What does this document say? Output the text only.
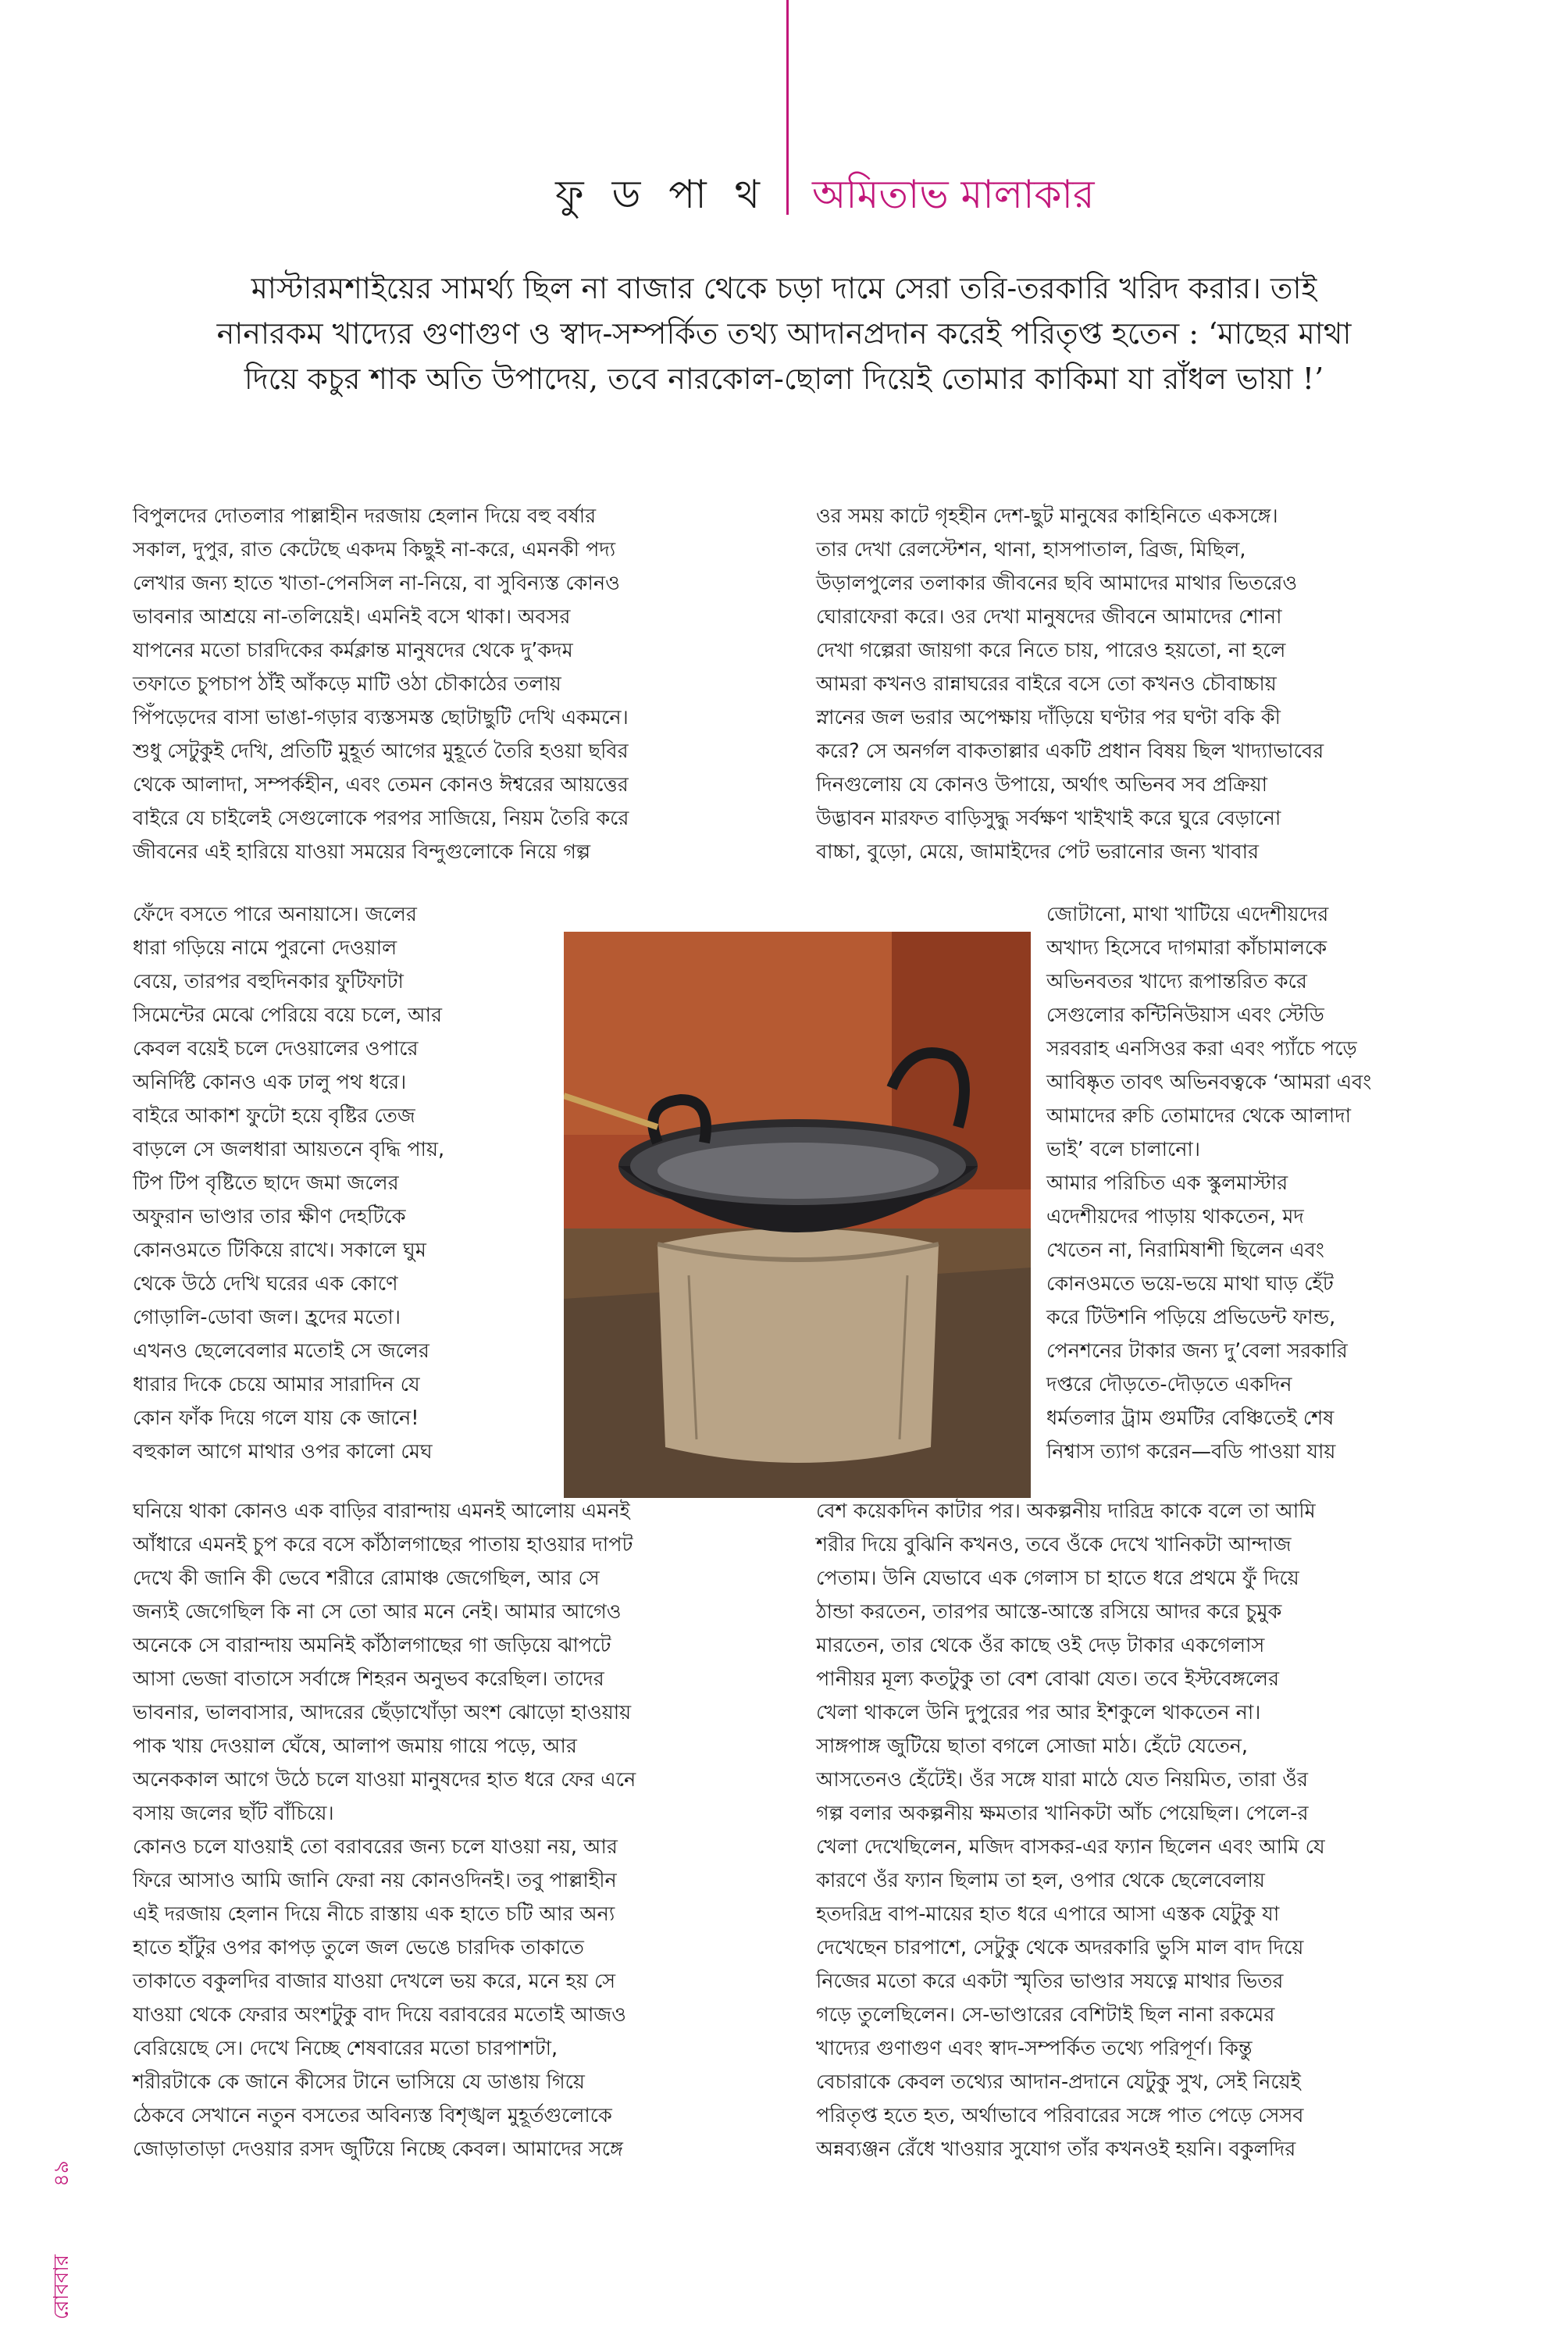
ফু ড পা থ অমিতাভ মালাকার

মাস্টারমশাইয়ের সামর্থ্য ছিল না বাজার থেকে চড়া দামে সেরা তরি-তরকারি খরিদ করার। তাই

নানারকম খাদ্যের গুণাগুণ ও স্বাদ-সম্পর্কিত তথ্য আদানপ্রদান করেই পরিতৃপ্ত হতেন : ‘মাছের মাথা

দিয়ে কচুর শাক অতি উপাদেয়, তবে নারকোল-ছোলা দিয়েই তোমার কাকিমা যা রাঁধল ভায়া !’

বিপুলদের দোতলার পাল্লাহীন দরজায় হেলান দিয়ে বহু বর্ষার

সকাল, দুপুর, রাত কেটেছে একদম কিছুই না-করে, এমনকী পদ্য

লেখার জন্য হাতে খাতা-পেনসিল না-নিয়ে, বা সুবিন্যস্ত কোনও

ভাবনার আশ্রয়ে না-তলিয়েই। এমনিই বসে থাকা। অবসর

যাপনের মতো চারদিকের কর্মক্লান্ত মানুষদের থেকে দু’কদম

তফাতে চুপচাপ ঠাঁই আঁকড়ে মাটি ওঠা চৌকাঠের তলায়

পিঁপড়েদের বাসা ভাঙা-গড়ার ব্যস্তসমস্ত ছোটাছুটি দেখি একমনে।

শুধু সেটুকুই দেখি, প্রতিটি মুহূর্ত আগের মুহূর্তে তৈরি হওয়া ছবির

থেকে আলাদা, সম্পর্কহীন, এবং তেমন কোনও ঈশ্বরের আয়ত্তের

বাইরে যে চাইলেই সেগুলোকে পরপর সাজিয়ে, নিয়ম তৈরি করে

জীবনের এই হারিয়ে যাওয়া সময়ের বিন্দুগুলোকে নিয়ে গল্প

ফেঁদে বসতে পারে অনায়াসে। জলের

ধারা গড়িয়ে নামে পুরনো দেওয়াল

বেয়ে, তারপর বহুদিনকার ফুটিফাটা

সিমেন্টের মেঝে পেরিয়ে বয়ে চলে, আর

কেবল বয়েই চলে দেওয়ালের ওপারে

অনির্দিষ্ট কোনও এক ঢালু পথ ধরে।

বাইরে আকাশ ফুটো হয়ে বৃষ্টির তেজ

বাড়লে সে জলধারা আয়তনে বৃদ্ধি পায়,

টিপ টিপ বৃষ্টিতে ছাদে জমা জলের

অফুরান ভাণ্ডার তার ক্ষীণ দেহটিকে

কোনওমতে টিকিয়ে রাখে। সকালে ঘুম

থেকে উঠে দেখি ঘরের এক কোণে

গোড়ালি-ডোবা জল। হ্রদের মতো।

এখনও ছেলেবেলার মতোই সে জলের

ধারার দিকে চেয়ে আমার সারাদিন যে

কোন ফাঁক দিয়ে গলে যায় কে জানে!

বহুকাল আগে মাথার ওপর কালো মেঘ

ঘনিয়ে থাকা কোনও এক বাড়ির বারান্দায় এমনই আলোয় এমনই

আঁধারে এমনই চুপ করে বসে কাঁঠালগাছের পাতায় হাওয়ার দাপট

দেখে কী জানি কী ভেবে শরীরে রোমাঞ্চ জেগেছিল, আর সে

জন্যই জেগেছিল কি না সে তো আর মনে নেই। আমার আগেও

অনেকে সে বারান্দায় অমনিই কাঁঠালগাছের গা জড়িয়ে ঝাপটে

আসা ভেজা বাতাসে সর্বাঙ্গে শিহরন অনুভব করেছিল। তাদের

ভাবনার, ভালবাসার, আদরের ছেঁড়াখোঁড়া অংশ ঝোড়ো হাওয়ায়

পাক খায় দেওয়াল ঘেঁষে, আলাপ জমায় গায়ে পড়ে, আর

অনেককাল আগে উঠে চলে যাওয়া মানুষদের হাত ধরে ফের এনে

বসায় জলের ছাঁট বাঁচিয়ে।

কোনও চলে যাওয়াই তো বরাবরের জন্য চলে যাওয়া নয়, আর

ফিরে আসাও আমি জানি ফেরা নয় কোনওদিনই। তবু পাল্লাহীন

এই দরজায় হেলান দিয়ে নীচে রাস্তায় এক হাতে চটি আর অন্য

হাতে হাঁটুর ওপর কাপড় তুলে জল ভেঙে চারদিক তাকাতে

তাকাতে বকুলদির বাজার যাওয়া দেখলে ভয় করে, মনে হয় সে

যাওয়া থেকে ফেরার অংশটুকু বাদ দিয়ে বরাবরের মতোই আজও

বেরিয়েছে সে। দেখে নিচ্ছে শেষবারের মতো চারপাশটা,

শরীরটাকে কে জানে কীসের টানে ভাসিয়ে যে ডাঙায় গিয়ে

ঠেকবে সেখানে নতুন বসতের অবিন্যস্ত বিশৃঙ্খল মুহূর্তগুলোকে

জোড়াতাড়া দেওয়ার রসদ জুটিয়ে নিচ্ছে কেবল। আমাদের সঙ্গে

ওর সময় কাটে গৃহহীন দেশ-ছুট মানুষের কাহিনিতে একসঙ্গে।

তার দেখা রেলস্টেশন, থানা, হাসপাতাল, ব্রিজ, মিছিল,

উড়ালপুলের তলাকার জীবনের ছবি আমাদের মাথার ভিতরেও

ঘোরাফেরা করে। ওর দেখা মানুষদের জীবনে আমাদের শোনা

দেখা গল্পেরা জায়গা করে নিতে চায়, পারেও হয়তো, না হলে

আমরা কখনও রান্নাঘরের বাইরে বসে তো কখনও চৌবাচ্চায়

স্নানের জল ভরার অপেক্ষায় দাঁড়িয়ে ঘণ্টার পর ঘণ্টা বকি কী

করে? সে অনর্গল বাকতাল্লার একটি প্রধান বিষয় ছিল খাদ্যাভাবের

দিনগুলোয় যে কোনও উপায়ে, অর্থাৎ অভিনব সব প্রক্রিয়া

উদ্ভাবন মারফত বাড়িসুদ্ধু সর্বক্ষণ খাইখাই করে ঘুরে বেড়ানো

বাচ্চা, বুড়ো, মেয়ে, জামাইদের পেট ভরানোর জন্য খাবার

জোটানো, মাথা খাটিয়ে এদেশীয়দের

অখাদ্য হিসেবে দাগমারা কাঁচামালকে

অভিনবতর খাদ্যে রূপান্তরিত করে

সেগুলোর কন্টিনিউয়াস এবং স্টেডি

সরবরাহ এনসিওর করা এবং প্যাঁচে পড়ে

আবিষ্কৃত তাবৎ অভিনবত্বকে ‘আমরা এবং

আমাদের রুচি তোমাদের থেকে আলাদা

ভাই’ বলে চালানো।

আমার পরিচিত এক স্কুলমাস্টার

এদেশীয়দের পাড়ায় থাকতেন, মদ

খেতেন না, নিরামিষাশী ছিলেন এবং

কোনওমতে ভয়ে-ভয়ে মাথা ঘাড় হেঁট

করে টিউশনি পড়িয়ে প্রভিডেন্ট ফান্ড,

পেনশনের টাকার জন্য দু’বেলা সরকারি

দপ্তরে দৌড়তে-দৌড়তে একদিন

ধর্মতলার ট্রাম গুমটির বেঞ্চিতেই শেষ

নিশ্বাস ত্যাগ করেন—বডি পাওয়া যায়

বেশ কয়েকদিন কাটার পর। অকল্পনীয় দারিদ্র কাকে বলে তা আমি

শরীর দিয়ে বুঝিনি কখনও, তবে ওঁকে দেখে খানিকটা আন্দাজ

পেতাম। উনি যেভাবে এক গেলাস চা হাতে ধরে প্রথমে ফুঁ দিয়ে

ঠান্ডা করতেন, তারপর আস্তে-আস্তে রসিয়ে আদর করে চুমুক

মারতেন, তার থেকে ওঁর কাছে ওই দেড় টাকার একগেলাস

পানীয়র মূল্য কতটুকু তা বেশ বোঝা যেত। তবে ইস্টবেঙ্গলের

খেলা থাকলে উনি দুপুরের পর আর ইশকুলে থাকতেন না।

সাঙ্গপাঙ্গ জুটিয়ে ছাতা বগলে সোজা মাঠ। হেঁটে যেতেন,

আসতেনও হেঁটেই। ওঁর সঙ্গে যারা মাঠে যেত নিয়মিত, তারা ওঁর

গল্প বলার অকল্পনীয় ক্ষমতার খানিকটা আঁচ পেয়েছিল। পেলে-র

খেলা দেখেছিলেন, মজিদ বাসকর-এর ফ্যান ছিলেন এবং আমি যে

কারণে ওঁর ফ্যান ছিলাম তা হল, ওপার থেকে ছেলেবেলায়

হতদরিদ্র বাপ-মায়ের হাত ধরে এপারে আসা এস্তক যেটুকু যা

দেখেছেন চারপাশে, সেটুকু থেকে অদরকারি ভুসি মাল বাদ দিয়ে

নিজের মতো করে একটা স্মৃতির ভাণ্ডার সযত্নে মাথার ভিতর

গড়ে তুলেছিলেন। সে-ভাণ্ডারের বেশিটাই ছিল নানা রকমের

খাদ্যের গুণাগুণ এবং স্বাদ-সম্পর্কিত তথ্যে পরিপূর্ণ। কিন্তু

বেচারাকে কেবল তথ্যের আদান-প্রদানে যেটুকু সুখ, সেই নিয়েই

পরিতৃপ্ত হতে হত, অর্থাভাবে পরিবারের সঙ্গে পাত পেড়ে সেসব

অন্নব্যঞ্জন রেঁধে খাওয়ার সুযোগ তাঁর কখনওই হয়নি। বকুলদির

৪৯
রোববার
